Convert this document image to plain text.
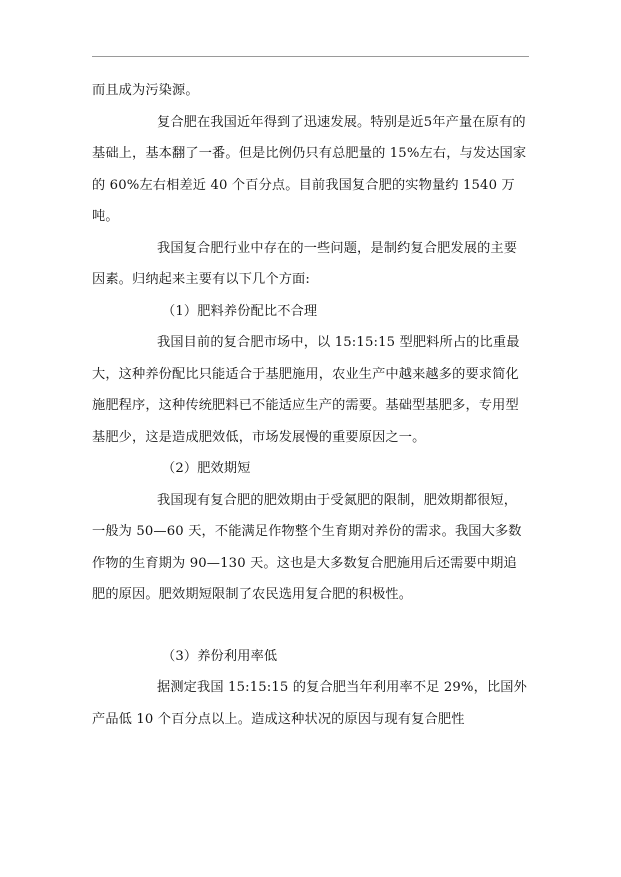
而且成为污染源。

复合肥在我国近年得到了迅速发展。特别是近5年产量在原有的基础上，基本翻了一番。但是比例仍只有总肥量的 15%左右，与发达国家的 60%左右相差近 40 个百分点。目前我国复合肥的实物量约 1540 万吨。

我国复合肥行业中存在的一些问题，是制约复合肥发展的主要因素。归纳起来主要有以下几个方面:

（1）肥料养份配比不合理

我国目前的复合肥市场中，以 15:15:15 型肥料所占的比重最大，这种养份配比只能适合于基肥施用，农业生产中越来越多的要求简化施肥程序，这种传统肥料已不能适应生产的需要。基础型基肥多，专用型基肥少，这是造成肥效低，市场发展慢的重要原因之一。

（2）肥效期短

我国现有复合肥的肥效期由于受氮肥的限制，肥效期都很短，一般为 50—60 天，不能满足作物整个生育期对养份的需求。我国大多数作物的生育期为 90—130 天。这也是大多数复合肥施用后还需要中期追肥的原因。肥效期短限制了农民选用复合肥的积极性。

（3）养份利用率低

据测定我国 15:15:15 的复合肥当年利用率不足 29%，比国外产品低 10 个百分点以上。造成这种状况的原因与现有复合肥性
